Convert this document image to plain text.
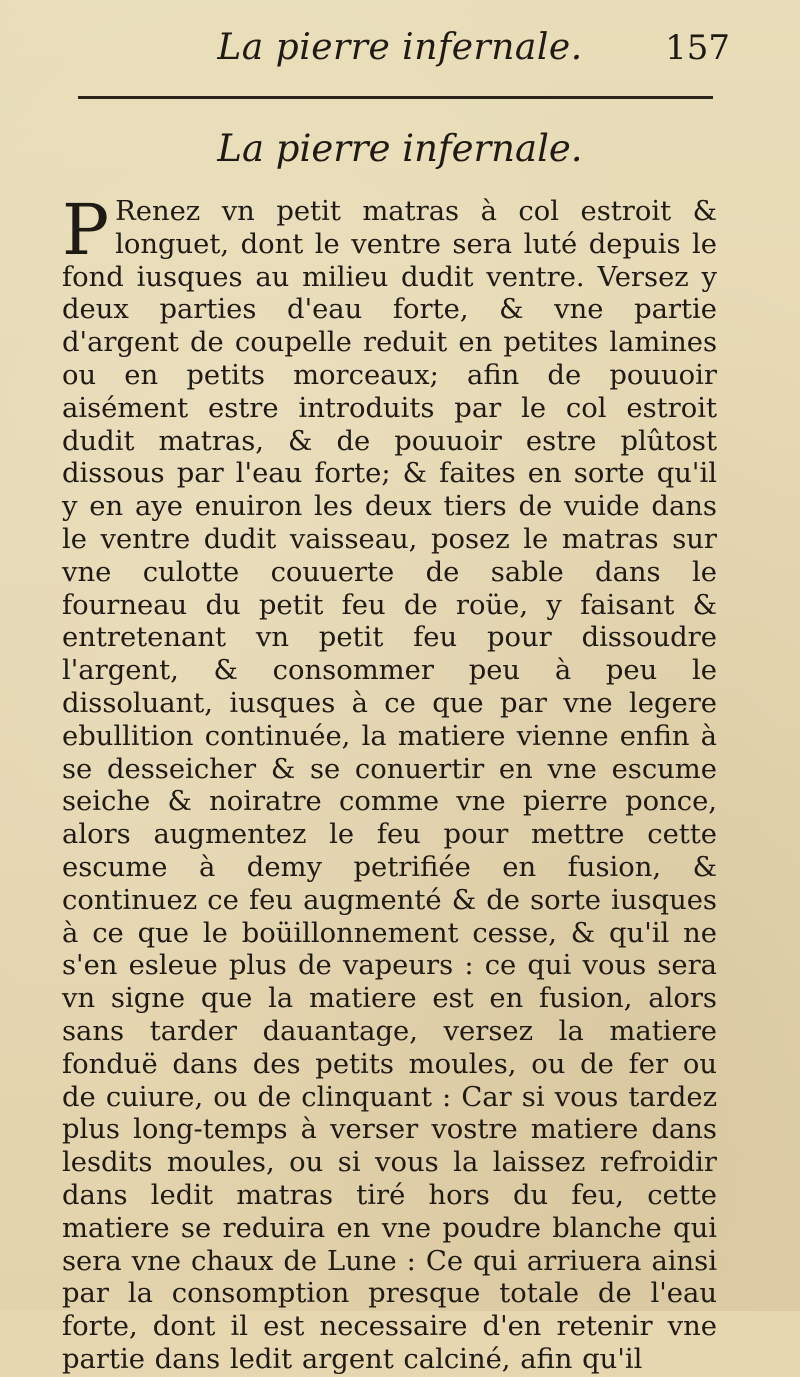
La pierre infernale.	157
La pierre infernale.
P Renez vn petit matras à col estroit & longuet, dont le ventre sera luté depuis le fond iusques au milieu dudit ventre. Versez y deux parties d'eau forte, & vne partie d'argent de coupelle reduit en petites lamines ou en petits morceaux; afin de pouuoir aisément estre introduits par le col estroit dudit matras, & de pouuoir estre plûtost dissous par l'eau forte; & faites en sorte qu'il y en aye enuiron les deux tiers de vuide dans le ventre dudit vaisseau, posez le matras sur vne culotte couuerte de sable dans le fourneau du petit feu de roüe, y faisant & entretenant vn petit feu pour dissoudre l'argent, & consommer peu à peu le dissoluant, iusques à ce que par vne legere ebullition continuée, la matiere vienne enfin à se desseicher & se conuertir en vne escume seiche & noiratre comme vne pierre ponce, alors augmentez le feu pour mettre cette escume à demy petrifiée en fusion, & continuez ce feu augmenté & de sorte iusques à ce que le boüillonnement cesse, & qu'il ne s'en esleue plus de vapeurs : ce qui vous sera vn signe que la matiere est en fusion, alors sans tarder dauantage, versez la matiere fonduë dans des petits moules, ou de fer ou de cuiure, ou de clinquant : Car si vous tardez plus long-temps à verser vostre matiere dans lesdits moules, ou si vous la laissez refroidir dans ledit matras tiré hors du feu, cette matiere se reduira en vne poudre blanche qui sera vne chaux de Lune : Ce qui arriuera ainsi par la consomption presque totale de l'eau forte, dont il est necessaire d'en retenir vne partie dans ledit argent calciné, afin qu'il
